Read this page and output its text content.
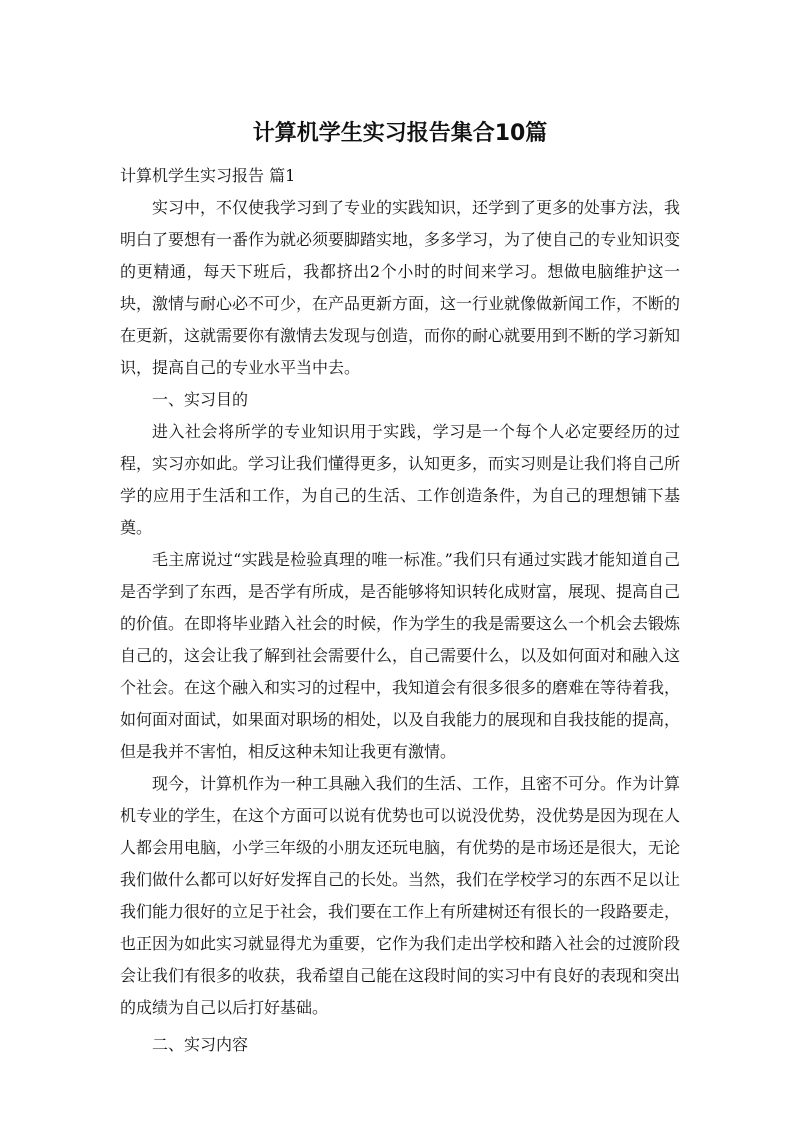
计算机学生实习报告集合10篇

计算机学生实习报告 篇1

实习中，不仅使我学习到了专业的实践知识，还学到了更多的处事方法，我明白了要想有一番作为就必须要脚踏实地，多多学习，为了使自己的专业知识变的更精通，每天下班后，我都挤出2个小时的时间来学习。想做电脑维护这一块，激情与耐心必不可少，在产品更新方面，这一行业就像做新闻工作，不断的在更新，这就需要你有激情去发现与创造，而你的耐心就要用到不断的学习新知识，提高自己的专业水平当中去。

一、实习目的

进入社会将所学的专业知识用于实践，学习是一个每个人必定要经历的过程，实习亦如此。学习让我们懂得更多，认知更多，而实习则是让我们将自己所学的应用于生活和工作，为自己的生活、工作创造条件，为自己的理想铺下基奠。

毛主席说过“实践是检验真理的唯一标准。”我们只有通过实践才能知道自己是否学到了东西，是否学有所成，是否能够将知识转化成财富，展现、提高自己的价值。在即将毕业踏入社会的时候，作为学生的我是需要这么一个机会去锻炼自己的，这会让我了解到社会需要什么，自己需要什么，以及如何面对和融入这个社会。在这个融入和实习的过程中，我知道会有很多很多的磨难在等待着我，如何面对面试，如果面对职场的相处，以及自我能力的展现和自我技能的提高，但是我并不害怕，相反这种未知让我更有激情。

现今，计算机作为一种工具融入我们的生活、工作，且密不可分。作为计算机专业的学生，在这个方面可以说有优势也可以说没优势，没优势是因为现在人人都会用电脑，小学三年级的小朋友还玩电脑，有优势的是市场还是很大，无论我们做什么都可以好好发挥自己的长处。当然，我们在学校学习的东西不足以让我们能力很好的立足于社会，我们要在工作上有所建树还有很长的一段路要走，也正因为如此实习就显得尤为重要，它作为我们走出学校和踏入社会的过渡阶段会让我们有很多的收获，我希望自己能在这段时间的实习中有良好的表现和突出的成绩为自己以后打好基础。

二、实习内容
